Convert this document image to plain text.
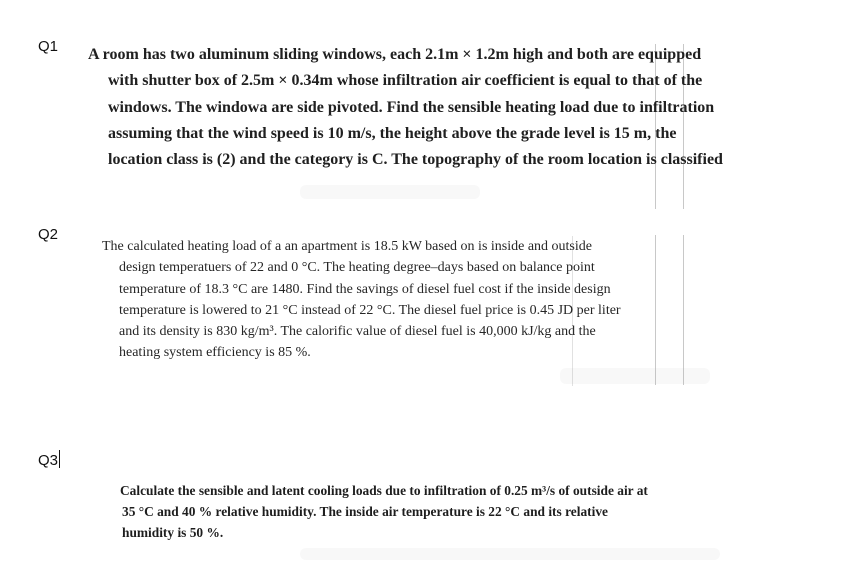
Q1 A room has two aluminum sliding windows, each 2.1m × 1.2m high and both are equipped
with shutter box of 2.5m × 0.34m whose infiltration air coefficient is equal to that of the
windows. The windowa are side pivoted. Find the sensible heating load due to infiltration
assuming that the wind speed is 10 m/s, the height above the grade level is 15 m, the
location class is (2) and the category is C. The topography of the room location is classified
Q2
The calculated heating load of a an apartment is 18.5 kW based on is inside and outside
design temperatuers of 22 and 0 °C. The heating degree–days based on balance point
temperature of 18.3 °C are 1480. Find the savings of diesel fuel cost if the inside design
temperature is lowered to 21 °C instead of 22 °C. The diesel fuel price is 0.45 JD per liter
and its density is 830 kg/m³. The calorific value of diesel fuel is 40,000 kJ/kg and the
heating system efficiency is 85 %.
Q3
Calculate the sensible and latent cooling loads due to infiltration of 0.25 m³/s of outside air at
35 °C and 40 % relative humidity. The inside air temperature is 22 °C and its relative
humidity is 50 %.
